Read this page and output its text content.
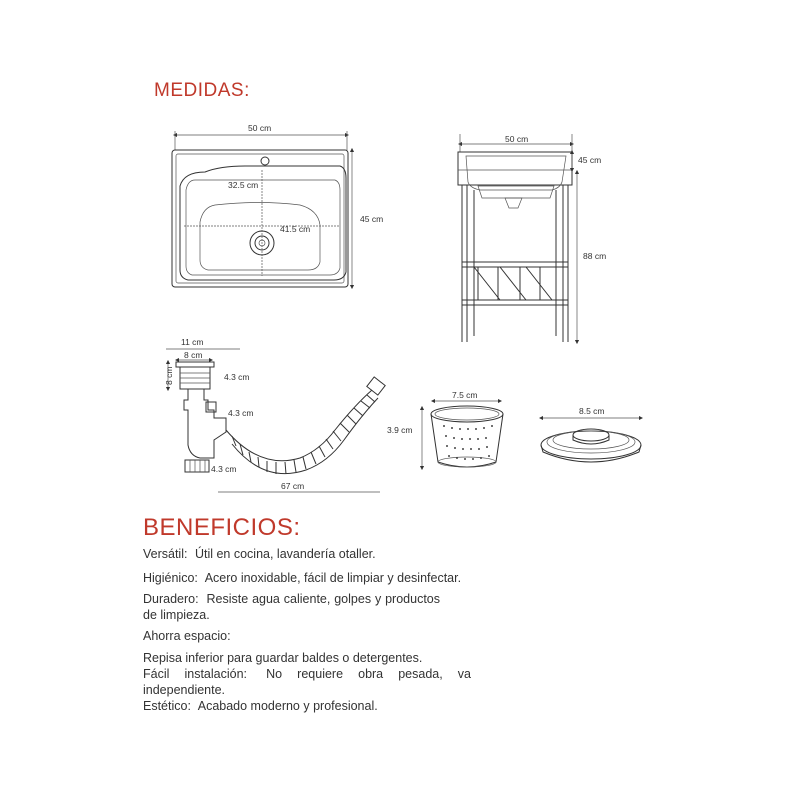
MEDIDAS:
50 cm
32.5 cm
41.5 cm
45 cm
50 cm
45 cm
88 cm
11 cm
8 cm
8 cm	4.3 cm
4.3 cm
4.3 cm
67 cm
7.5 cm
3.9 cm
8.5 cm
BENEFICIOS:
Versátil: Útil en cocina, lavandería otaller.
Higiénico: Acero inoxidable, fácil de limpiar y desinfectar.
Duradero: Resiste agua caliente, golpes y productos de limpieza.
Ahorra espacio:
Repisa inferior para guardar baldes o detergentes.
Fácil instalación: No requiere obra pesada, va independiente.
Estético: Acabado moderno y profesional.
